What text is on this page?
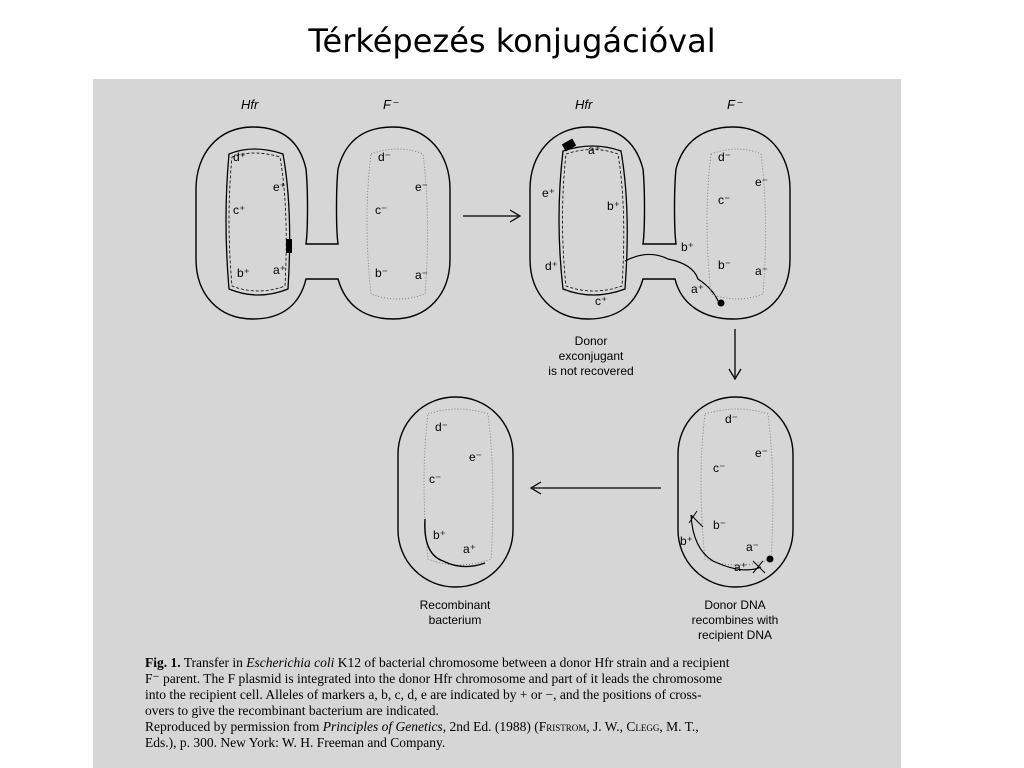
Térképezés konjugációval
Hfr	F⁻
d⁺
e⁺
c⁺
b⁺ a⁺
d⁻
e⁻
c⁻
b⁻ a⁻
Hfr	F⁻
a⁺
e⁺
b⁺
d⁺
c⁺
b⁺
a⁺
d⁻
e⁻
c⁻
b⁻ a⁻
Donor
exconjugant
is not recovered
d⁻
e⁻
c⁻
b⁻
b⁺	a⁻
a⁺
Donor DNA
recombines with
recipient DNA
d⁻
e⁻
c⁻
b⁺
a⁺
Recombinant
bacterium

Fig. 1. Transfer in Escherichia coli K12 of bacterial chromosome between a donor Hfr strain and a recipient

F⁻ parent. The F plasmid is integrated into the donor Hfr chromosome and part of it leads the chromosome

into the recipient cell. Alleles of markers a, b, c, d, e are indicated by + or −, and the positions of cross-

overs to give the recombinant bacterium are indicated.

Reproduced by permission from Principles of Genetics, 2nd Ed. (1988) (Fristrom, J. W., Clegg, M. T.,

Eds.), p. 300. New York: W. H. Freeman and Company.
